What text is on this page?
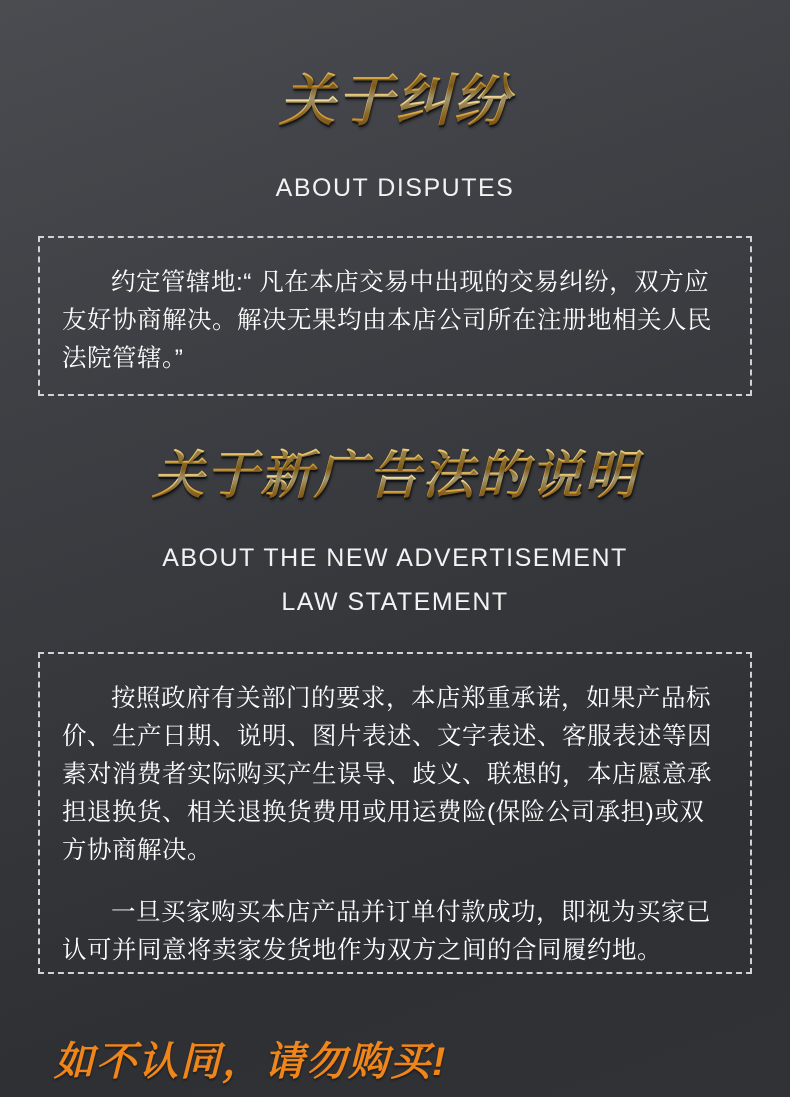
关于纠纷
ABOUT DISPUTES

约定管辖地:“ 凡在本店交易中出现的交易纠纷，双方应友好协商解决。解决无果均由本店公司所在注册地相关人民法院管辖。”

关于新广告法的说明
ABOUT THE NEW ADVERTISEMENT
LAW STATEMENT

按照政府有关部门的要求，本店郑重承诺，如果产品标价、生产日期、说明、图片表述、文字表述、客服表述等因素对消费者实际购买产生误导、歧义、联想的，本店愿意承担退换货、相关退换货费用或用运费险(保险公司承担)或双方协商解决。

一旦买家购买本店产品并订单付款成功，即视为买家已认可并同意将卖家发货地作为双方之间的合同履约地。

如不认同，请勿购买!
